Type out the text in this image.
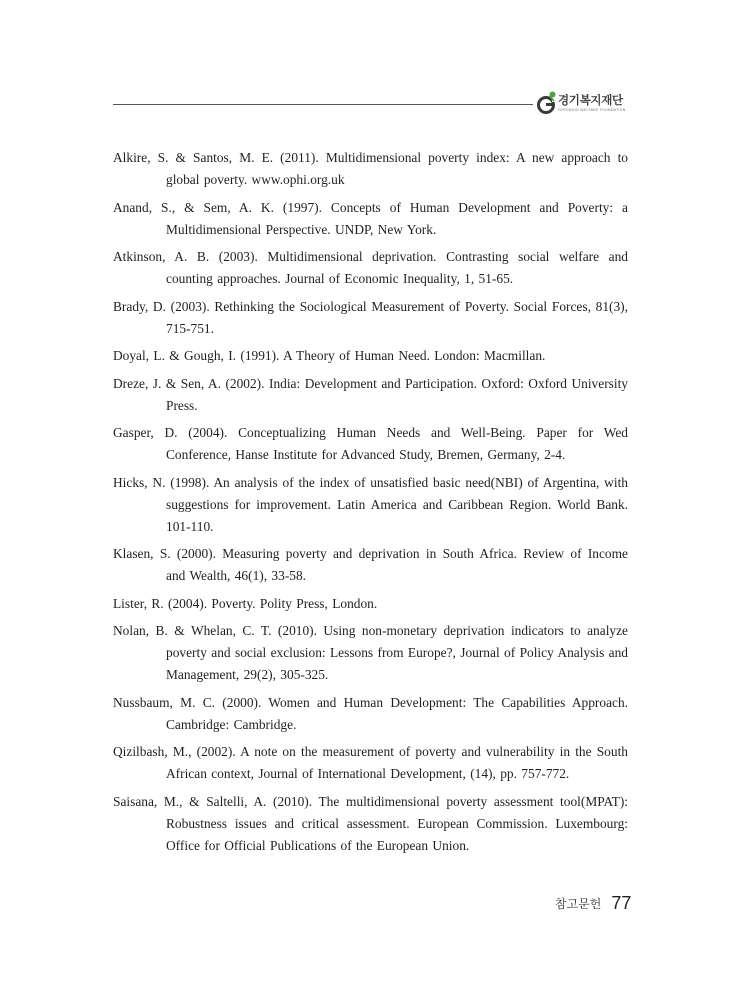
경기복지재단
GYEONGGI WELFARE FOUNDATION
Alkire, S. & Santos, M. E. (2011). Multidimensional poverty index: A new approach to global poverty. www.ophi.org.uk
Anand, S., & Sem, A. K. (1997). Concepts of Human Development and Poverty: a Multidimensional Perspective. UNDP, New York.
Atkinson, A. B. (2003). Multidimensional deprivation. Contrasting social welfare and counting approaches. Journal of Economic Inequality, 1, 51-65.
Brady, D. (2003). Rethinking the Sociological Measurement of Poverty. Social Forces, 81(3), 715-751.
Doyal, L. & Gough, I. (1991). A Theory of Human Need. London: Macmillan.
Dreze, J. & Sen, A. (2002). India: Development and Participation. Oxford: Oxford University Press.
Gasper, D. (2004). Conceptualizing Human Needs and Well-Being. Paper for Wed Conference, Hanse Institute for Advanced Study, Bremen, Germany, 2-4.
Hicks, N. (1998). An analysis of the index of unsatisfied basic need(NBI) of Argentina, with suggestions for improvement. Latin America and Caribbean Region. World Bank. 101-110.
Klasen, S. (2000). Measuring poverty and deprivation in South Africa. Review of Income and Wealth, 46(1), 33-58.
Lister, R. (2004). Poverty. Polity Press, London.
Nolan, B. & Whelan, C. T. (2010). Using non-monetary deprivation indicators to analyze poverty and social exclusion: Lessons from Europe?, Journal of Policy Analysis and Management, 29(2), 305-325.
Nussbaum, M. C. (2000). Women and Human Development: The Capabilities Approach. Cambridge: Cambridge.
Qizilbash, M., (2002). A note on the measurement of poverty and vulnerability in the South African context, Journal of International Development, (14), pp. 757-772.
Saisana, M., & Saltelli, A. (2010). The multidimensional poverty assessment tool(MPAT): Robustness issues and critical assessment. European Commission. Luxembourg: Office for Official Publications of the European Union.
참고문헌 77
